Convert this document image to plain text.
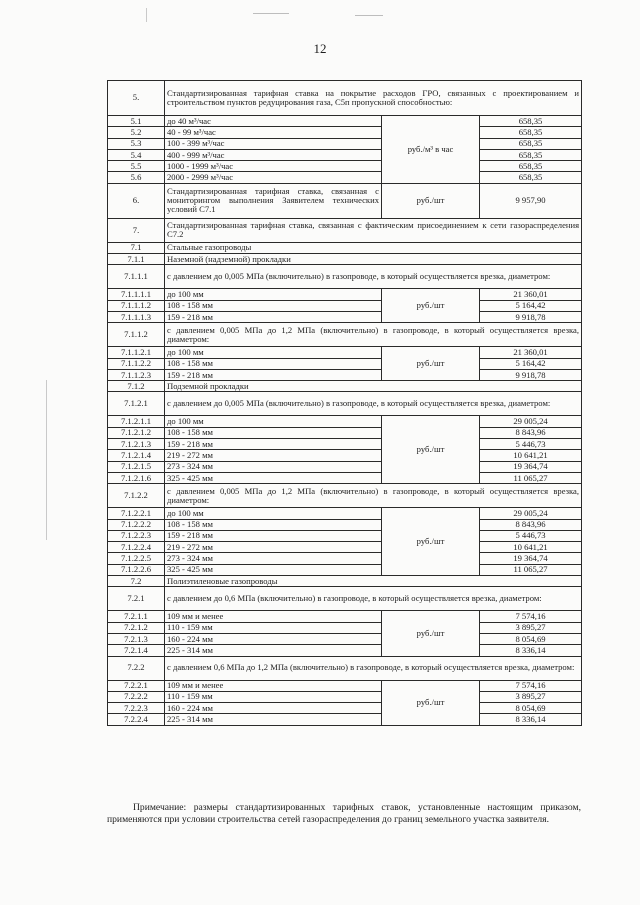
12
5.	Стандартизированная тарифная ставка на покрытие расходов ГРО, связанных с проектированием и строительством пунктов редуцирования газа, C5п пропускной способностью:		
5.1	до 40 м³/час	руб./м³ в час	658,35
5.2	40 - 99 м³/час		658,35
5.3	100 - 399 м³/час		658,35
5.4	400 - 999 м³/час		658,35
5.5	1000 - 1999 м³/час		658,35
5.6	2000 - 2999 м³/час		658,35
6.	Стандартизированная тарифная ставка, связанная с мониторингом выполнения Заявителем технических условий C7.1	руб./шт	9 957,90
7.	Стандартизированная тарифная ставка, связанная с фактическим присоединением к сети газораспределения C7.2		
7.1	Стальные газопроводы		
7.1.1	Наземной (надземной) прокладки		
7.1.1.1	с давлением до 0,005 МПа (включительно) в газопроводе, в который осуществляется врезка, диаметром:		
7.1.1.1.1	до 100 мм	руб./шт	21 360,01
7.1.1.1.2	108 - 158 мм		5 164,42
7.1.1.1.3	159 - 218 мм		9 918,78
7.1.1.2	с давлением 0,005 МПа до 1,2 МПа (включительно) в газопроводе, в который осуществляется врезка, диаметром:		
7.1.1.2.1	до 100 мм	руб./шт	21 360,01
7.1.1.2.2	108 - 158 мм		5 164,42
7.1.1.2.3	159 - 218 мм		9 918,78
7.1.2	Подземной прокладки		
7.1.2.1	с давлением до 0,005 МПа (включительно) в газопроводе, в который осуществляется врезка, диаметром:		
7.1.2.1.1	до 100 мм	руб./шт	29 005,24
7.1.2.1.2	108 - 158 мм		8 843,96
7.1.2.1.3	159 - 218 мм		5 446,73
7.1.2.1.4	219 - 272 мм		10 641,21
7.1.2.1.5	273 - 324 мм		19 364,74
7.1.2.1.6	325 - 425 мм		11 065,27
7.1.2.2	с давлением 0,005 МПа до 1,2 МПа (включительно) в газопроводе, в который осуществляется врезка, диаметром:		
7.1.2.2.1	до 100 мм	руб./шт	29 005,24
7.1.2.2.2	108 - 158 мм		8 843,96
7.1.2.2.3	159 - 218 мм		5 446,73
7.1.2.2.4	219 - 272 мм		10 641,21
7.1.2.2.5	273 - 324 мм		19 364,74
7.1.2.2.6	325 - 425 мм		11 065,27
7.2	Полиэтиленовые газопроводы		
7.2.1	с давлением до 0,6 МПа (включительно) в газопроводе, в который осуществляется врезка, диаметром:		
7.2.1.1	109 мм и менее	руб./шт	7 574,16
7.2.1.2	110 - 159 мм		3 895,27
7.2.1.3	160 - 224 мм		8 054,69
7.2.1.4	225 - 314 мм		8 336,14
7.2.2	с давлением 0,6 МПа до 1,2 МПа (включительно) в газопроводе, в который осуществляется врезка, диаметром:		
7.2.2.1	109 мм и менее	руб./шт	7 574,16
7.2.2.2	110 - 159 мм		3 895,27
7.2.2.3	160 - 224 мм		8 054,69
7.2.2.4	225 - 314 мм		8 336,14
Примечание: размеры стандартизированных тарифных ставок, установленные настоящим приказом, применяются при условии строительства сетей газораспределения до границ земельного участка заявителя.
